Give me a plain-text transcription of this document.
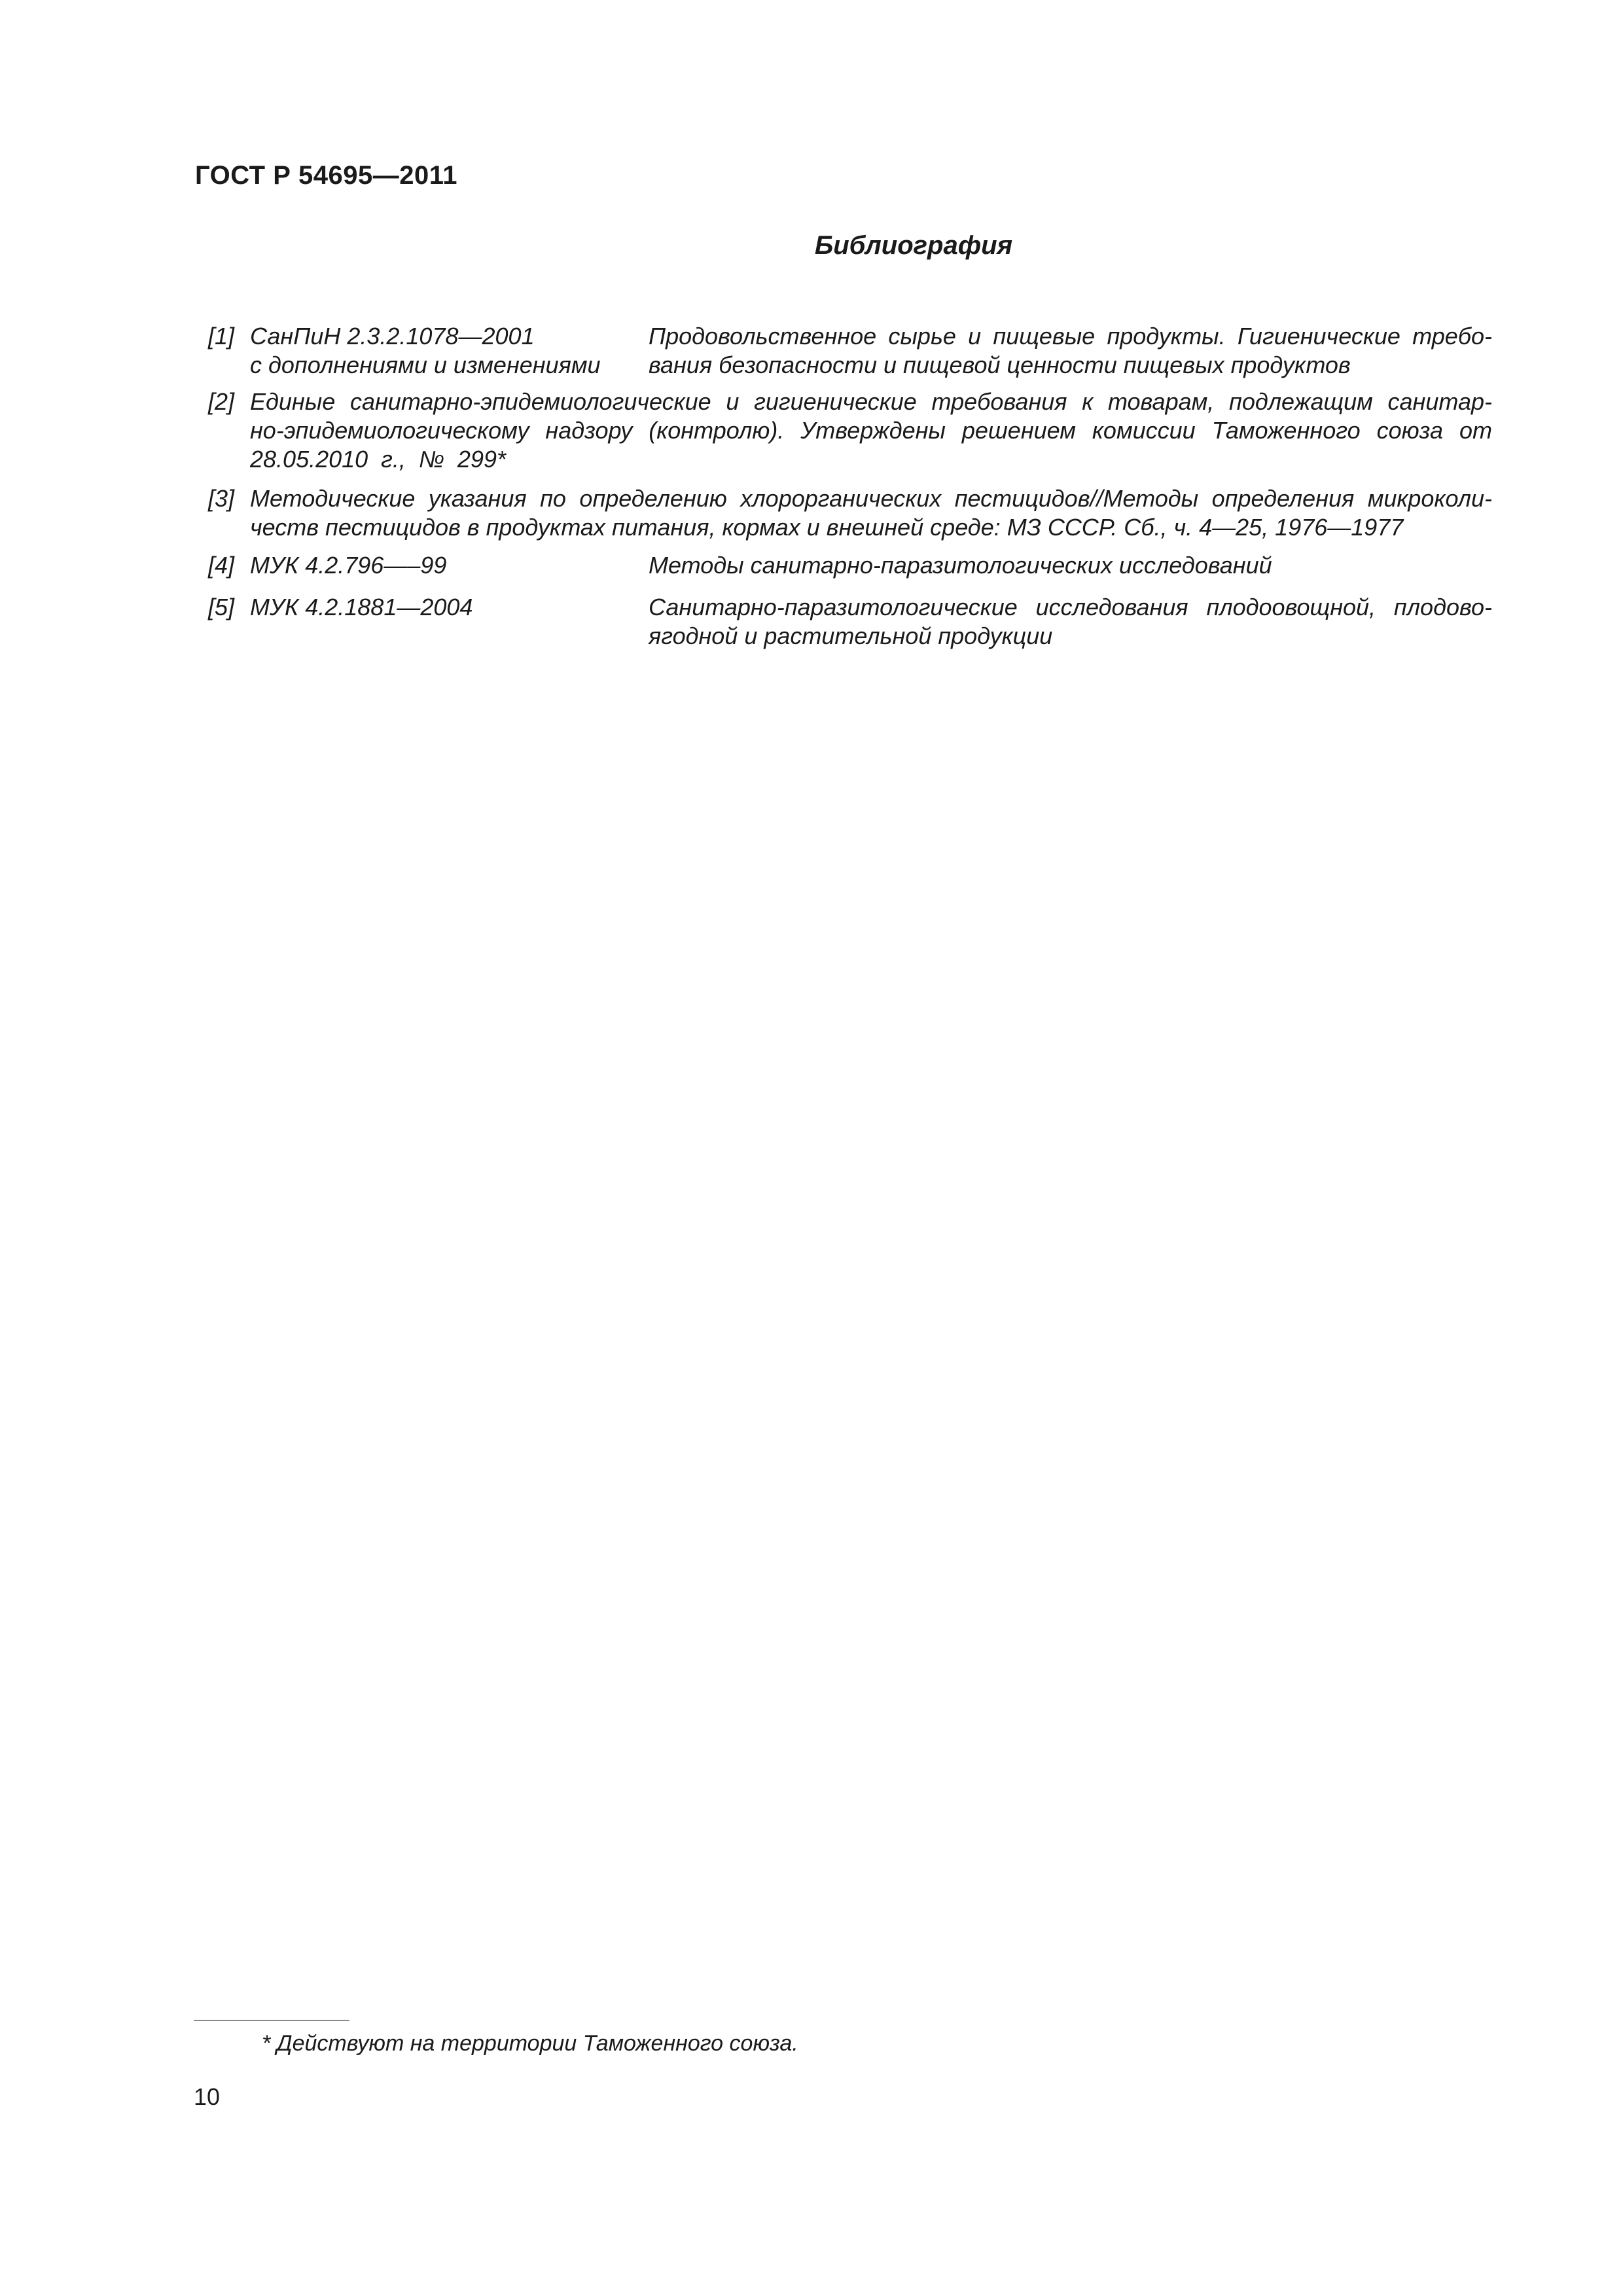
ГОСТ Р 54695—2011
Библиография
[1] СанПиН 2.3.2.1078—2001
с дополнениями и изменениями
Продовольственное сырье и пищевые продукты. Гигиенические требо-
вания безопасности и пищевой ценности пищевых продуктов
[2] Единые санитарно-эпидемиологические и гигиенические требования к товарам, подлежащим санитар-
но-эпидемиологическому надзору (контролю). Утверждены решением комиссии Таможенного союза от
28.05.2010 г., № 299*
[3] Методические указания по определению хлорорганических пестицидов//Методы определения микроколи-
честв пестицидов в продуктах питания, кормах и внешней среде: МЗ СССР. Сб., ч. 4—25, 1976—1977
[4] МУК 4.2.796—–99	Методы санитарно-паразитологических исследований
[5] МУК 4.2.1881—2004	Санитарно-паразитологические исследования плодоовощной, плодово-
ягодной и растительной продукции
* Действуют на территории Таможенного союза.
10
